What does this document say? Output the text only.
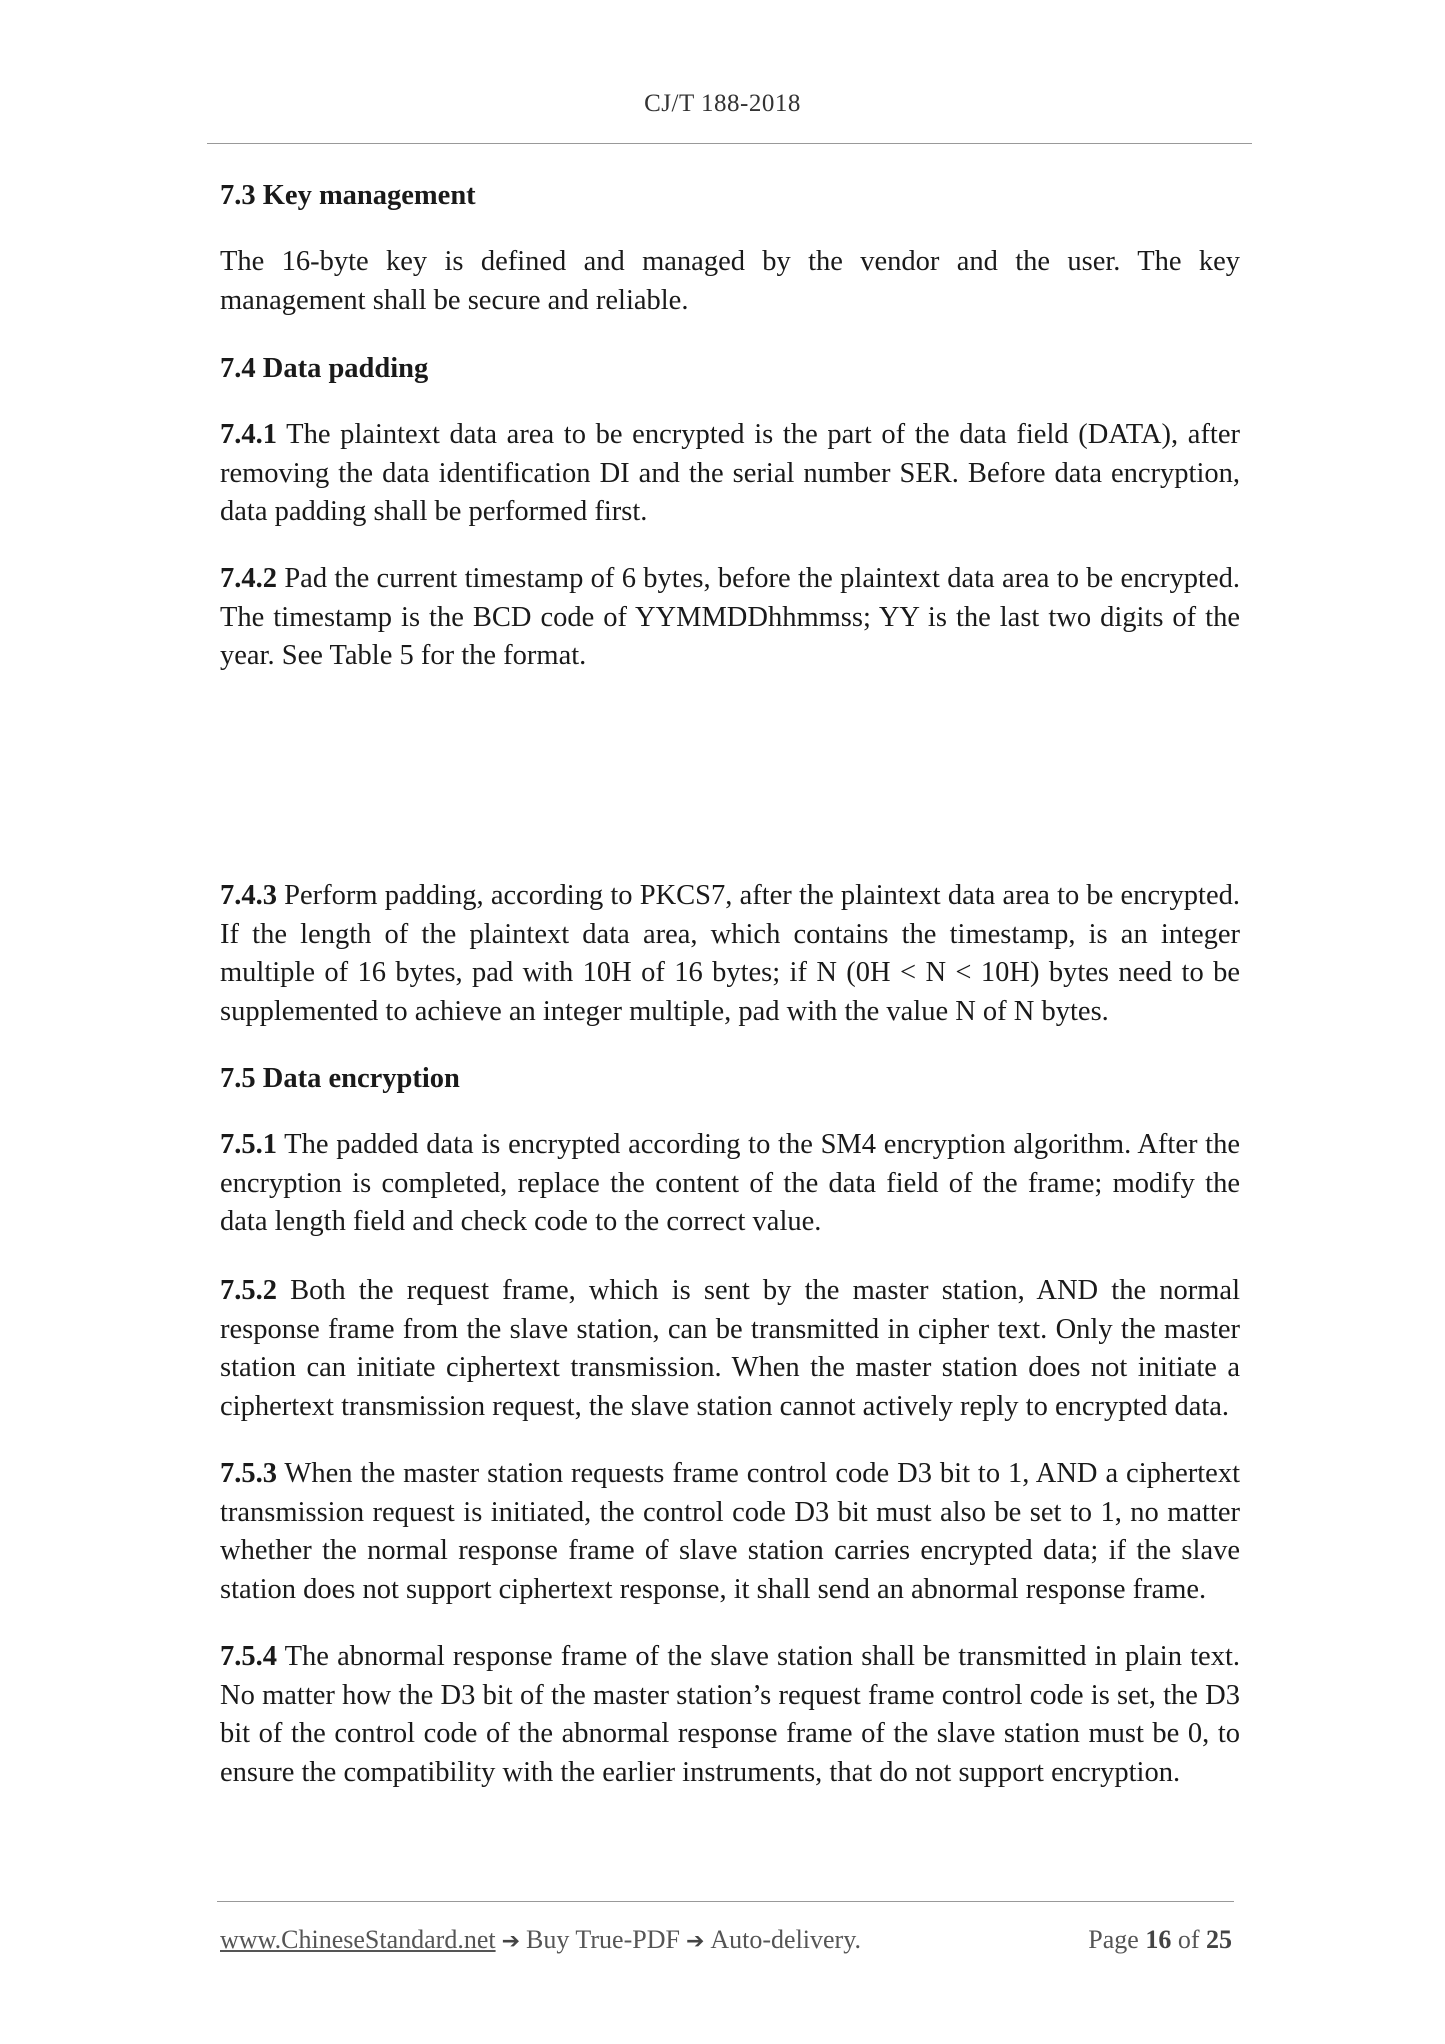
CJ/T 188-2018
7.3 Key management
The 16-byte key is defined and managed by the vendor and the user. The key management shall be secure and reliable.
7.4 Data padding
7.4.1 The plaintext data area to be encrypted is the part of the data field (DATA), after removing the data identification DI and the serial number SER. Before data encryption, data padding shall be performed first.
7.4.2 Pad the current timestamp of 6 bytes, before the plaintext data area to be encrypted. The timestamp is the BCD code of YYMMDDhhmmss; YY is the last two digits of the year. See Table 5 for the format.
7.4.3 Perform padding, according to PKCS7, after the plaintext data area to be encrypted. If the length of the plaintext data area, which contains the timestamp, is an integer multiple of 16 bytes, pad with 10H of 16 bytes; if N (0H < N < 10H) bytes need to be supplemented to achieve an integer multiple, pad with the value N of N bytes.
7.5 Data encryption
7.5.1 The padded data is encrypted according to the SM4 encryption algorithm. After the encryption is completed, replace the content of the data field of the frame; modify the data length field and check code to the correct value.
7.5.2 Both the request frame, which is sent by the master station, AND the normal response frame from the slave station, can be transmitted in cipher text. Only the master station can initiate ciphertext transmission. When the master station does not initiate a ciphertext transmission request, the slave station cannot actively reply to encrypted data.
7.5.3 When the master station requests frame control code D3 bit to 1, AND a ciphertext transmission request is initiated, the control code D3 bit must also be set to 1, no matter whether the normal response frame of slave station carries encrypted data; if the slave station does not support ciphertext response, it shall send an abnormal response frame.
7.5.4 The abnormal response frame of the slave station shall be transmitted in plain text. No matter how the D3 bit of the master station’s request frame control code is set, the D3 bit of the control code of the abnormal response frame of the slave station must be 0, to ensure the compatibility with the earlier instruments, that do not support encryption.
www.ChineseStandard.net ➔ Buy True-PDF ➔ Auto-delivery.	Page 16 of 25
